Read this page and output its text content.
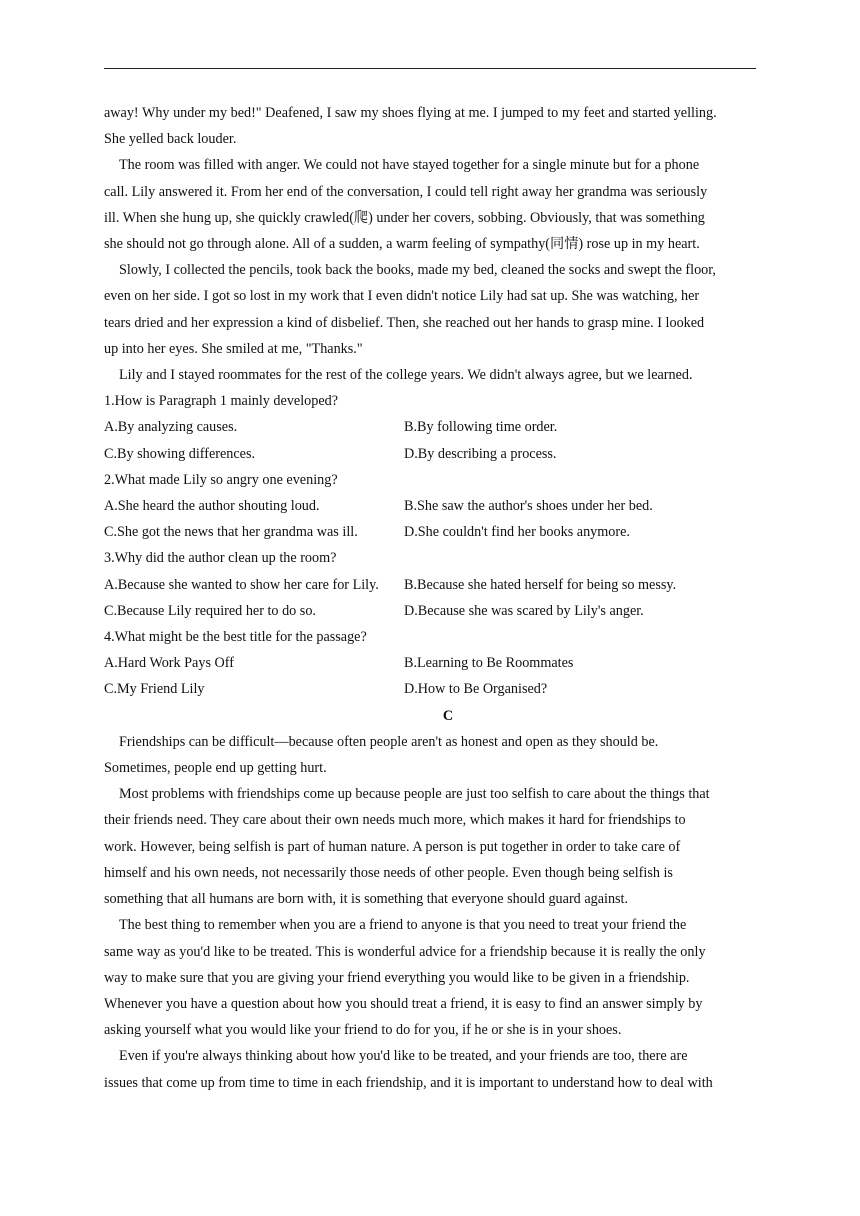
away! Why under my bed!" Deafened, I saw my shoes flying at me. I jumped to my feet and started yelling.
She yelled back louder.
The room was filled with anger. We could not have stayed together for a single minute but for a phone
call. Lily answered it. From her end of the conversation, I could tell right away her grandma was seriously
ill. When she hung up, she quickly crawled(爬) under her covers, sobbing. Obviously, that was something
she should not go through alone. All of a sudden, a warm feeling of sympathy(同情) rose up in my heart.
Slowly, I collected the pencils, took back the books, made my bed, cleaned the socks and swept the floor,
even on her side. I got so lost in my work that I even didn't notice Lily had sat up. She was watching, her
tears dried and her expression a kind of disbelief. Then, she reached out her hands to grasp mine. I looked
up into her eyes. She smiled at me, "Thanks."
Lily and I stayed roommates for the rest of the college years. We didn't always agree, but we learned.
1.How is Paragraph 1 mainly developed?
A.By analyzing causes.	B.By following time order.
C.By showing differences.	D.By describing a process.
2.What made Lily so angry one evening?
A.She heard the author shouting loud.	B.She saw the author's shoes under her bed.
C.She got the news that her grandma was ill.	D.She couldn't find her books anymore.
3.Why did the author clean up the room?
A.Because she wanted to show her care for Lily.	B.Because she hated herself for being so messy.
C.Because Lily required her to do so.	D.Because she was scared by Lily's anger.
4.What might be the best title for the passage?
A.Hard Work Pays Off	B.Learning to Be Roommates
C.My Friend Lily	D.How to Be Organised?
C
Friendships can be difficult—because often people aren't as honest and open as they should be.
Sometimes, people end up getting hurt.
Most problems with friendships come up because people are just too selfish to care about the things that
their friends need. They care about their own needs much more, which makes it hard for friendships to
work. However, being selfish is part of human nature. A person is put together in order to take care of
himself and his own needs, not necessarily those needs of other people. Even though being selfish is
something that all humans are born with, it is something that everyone should guard against.
The best thing to remember when you are a friend to anyone is that you need to treat your friend the
same way as you'd like to be treated. This is wonderful advice for a friendship because it is really the only
way to make sure that you are giving your friend everything you would like to be given in a friendship.
Whenever you have a question about how you should treat a friend, it is easy to find an answer simply by
asking yourself what you would like your friend to do for you, if he or she is in your shoes.
Even if you're always thinking about how you'd like to be treated, and your friends are too, there are
issues that come up from time to time in each friendship, and it is important to understand how to deal with
